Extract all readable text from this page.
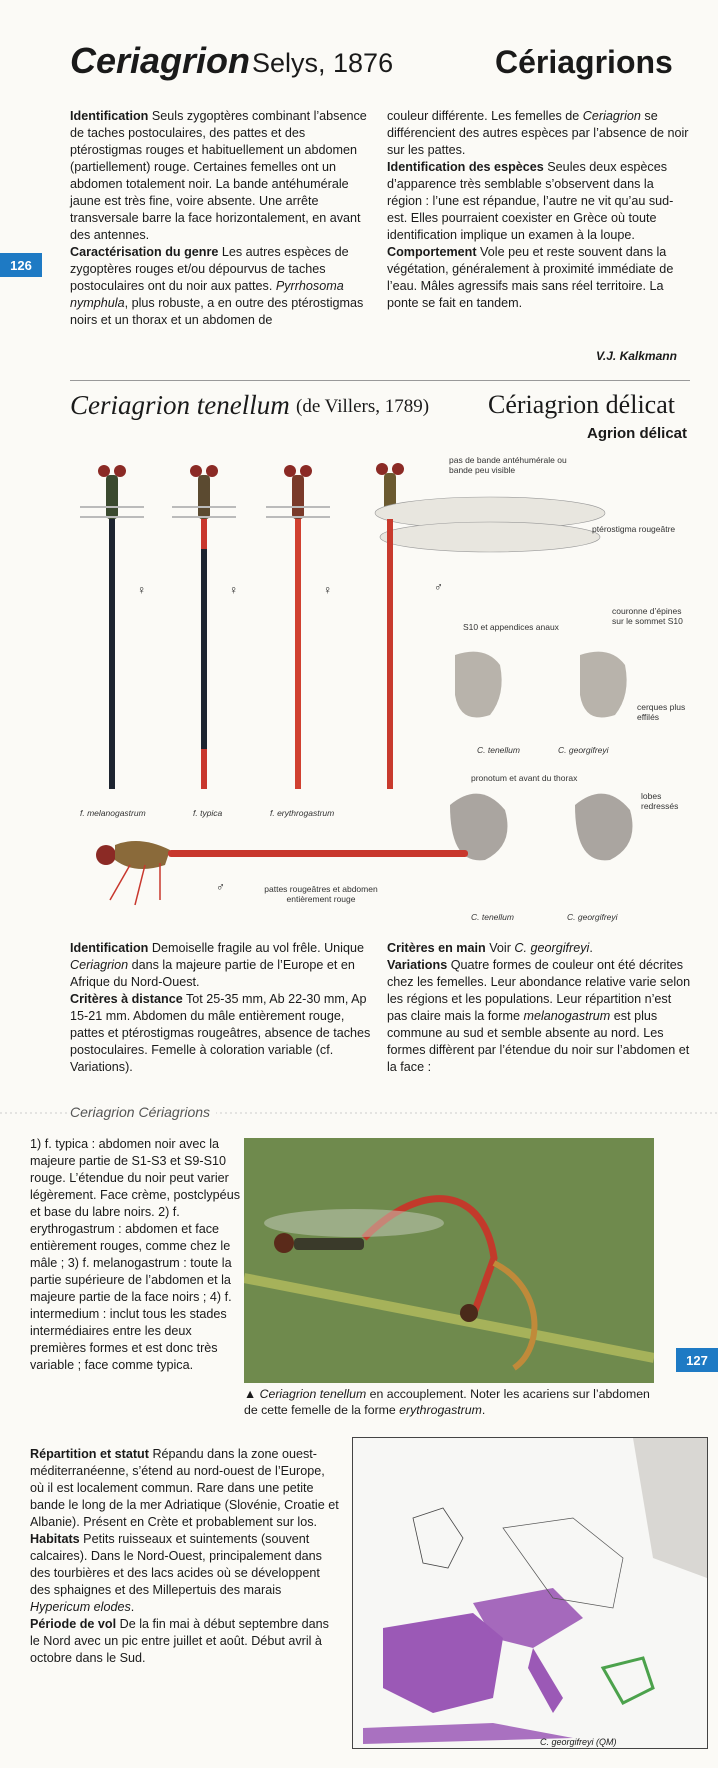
Ceriagrion Selys, 1876	Cériagrions
126
127

Identification Seuls zygoptères combinant l’absence de taches postoculaires, des pattes et des ptérostigmas rouges et habituellement un abdomen (partiellement) rouge. Certaines femelles ont un abdomen totalement noir. La bande antéhumérale jaune est très fine, voire absente. Une arrête transversale barre la face horizontalement, en avant des antennes.

Caractérisation du genre Les autres espèces de zygoptères rouges et/ou dépourvus de taches postoculaires ont du noir aux pattes. Pyrrhosoma nymphula, plus robuste, a en outre des ptérostigmas noirs et un thorax et un abdomen de

couleur différente. Les femelles de Ceriagrion se différencient des autres espèces par l’absence de noir sur les pattes.

Identification des espèces Seules deux espèces d’apparence très semblable s’observent dans la région : l’une est répandue, l’autre ne vit qu’au sud-est. Elles pourraient coexister en Grèce où toute identification implique un examen à la loupe.

Comportement Vole peu et reste souvent dans la végétation, généralement à proximité immédiate de l’eau. Mâles agressifs mais sans réel territoire. La ponte se fait en tandem.

V.J. Kalkmann
Ceriagrion tenellum (de Villers, 1789) Cériagrion délicat
Agrion délicat
♀	♀	♀	♂
f. melanogastrum	f. typica	f. erythrogastrum
pas de bande antéhumérale ou bande peu visible
ptérostigma rougeâtre
S10 et appendices anaux
couronne d’épines sur le sommet S10
cerques plus effilés
C. tenellum	C. georgifreyi
pronotum et avant du thorax
lobes redressés
C. tenellum	C. georgifreyi
♂	pattes rougeâtres et abdomen entièrement rouge

Identification Demoiselle fragile au vol frêle. Unique Ceriagrion dans la majeure partie de l’Europe et en Afrique du Nord-Ouest.

Critères à distance Tot 25-35 mm, Ab 22-30 mm, Ap 15-21 mm. Abdomen du mâle entièrement rouge, pattes et ptérostigmas rougeâtres, absence de taches postoculaires. Femelle à coloration variable (cf. Variations).

Critères en main Voir C. georgifreyi.

Variations Quatre formes de couleur ont été décrites chez les femelles. Leur abondance relative varie selon les régions et les populations. Leur répartition n’est pas claire mais la forme melanogastrum est plus commune au sud et semble absente au nord. Les formes diffèrent par l’étendue du noir sur l’abdomen et la face :

Ceriagrion Cériagrions
1) f. typica : abdomen noir avec la majeure partie de S1-S3 et S9-S10 rouge. L’étendue du noir peut varier légèrement. Face crème, postclypéus et base du labre noirs. 2) f. erythrogastrum : abdomen et face entièrement rouges, comme chez le mâle ; 3) f. melanogastrum : toute la partie supérieure de l’abdomen et la majeure partie de la face noirs ; 4) f. intermedium : inclut tous les stades intermédiaires entre les deux premières formes et est donc très variable ; face comme typica.
▲ Ceriagrion tenellum en accouplement. Noter les acariens sur l’abdomen de cette femelle de la forme erythrogastrum.

Répartition et statut Répandu dans la zone ouest-méditerranéenne, s’étend au nord-ouest de l’Europe, où il est localement commun. Rare dans une petite bande le long de la mer Adriatique (Slovénie, Croatie et Albanie). Présent en Crète et probablement sur los.

Habitats Petits ruisseaux et suintements (souvent calcaires). Dans le Nord-Ouest, principalement dans des tourbières et des lacs acides où se développent des sphaignes et des Millepertuis des marais Hypericum elodes.

Période de vol De la fin mai à début septembre dans le Nord avec un pic entre juillet et août. Début avril à octobre dans le Sud.

C. georgifreyi (QM)
